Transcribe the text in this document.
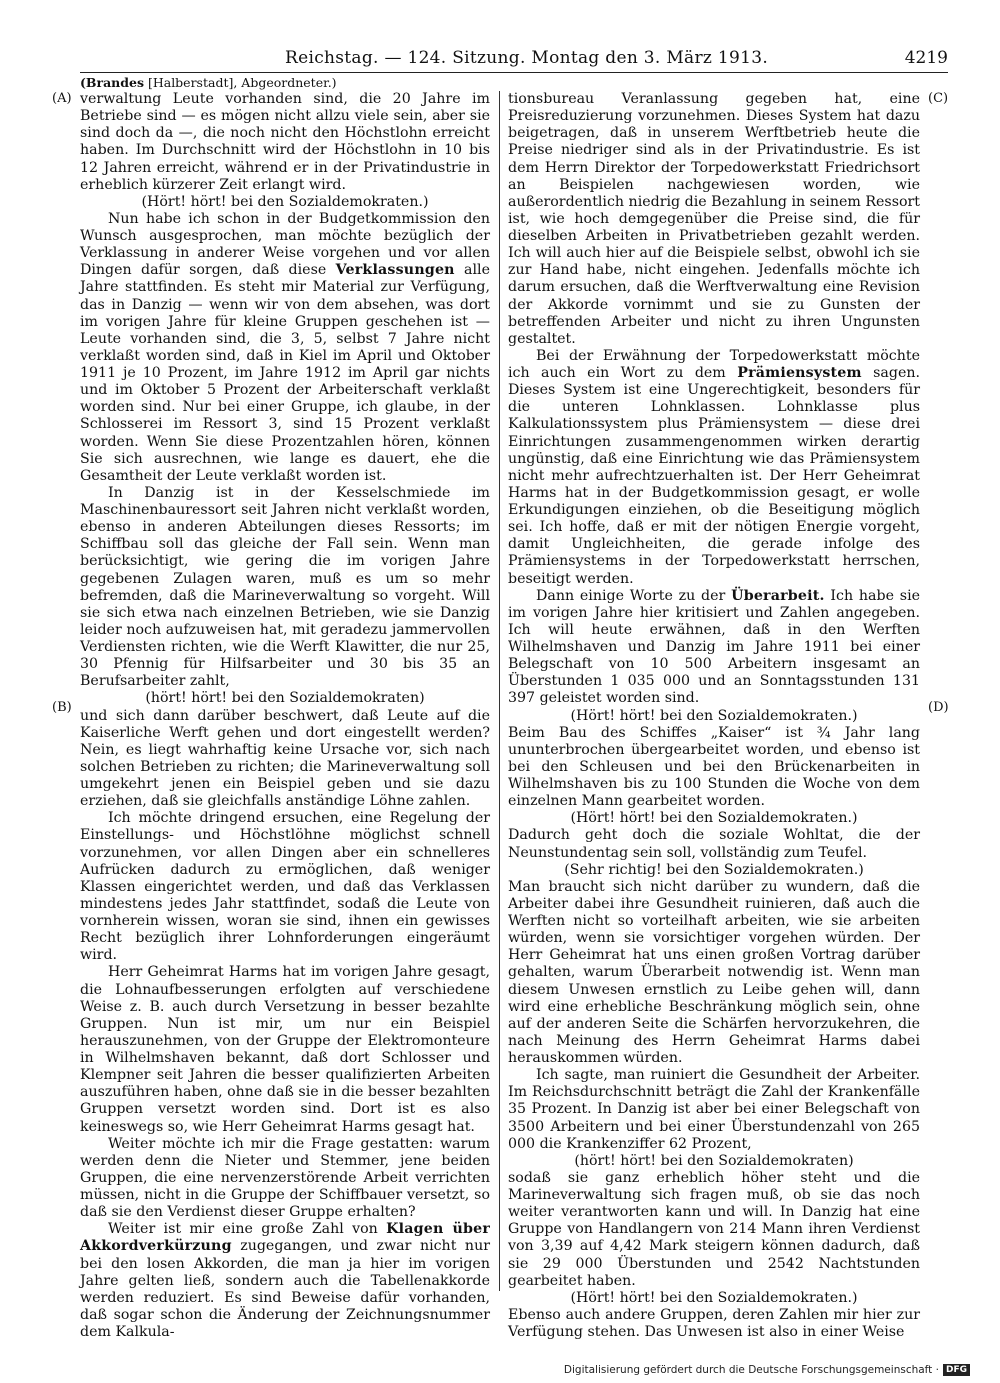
Reichstag. — 124. Sitzung. Montag den 3. März 1913.	4219
(Brandes [Halberstadt], Abgeordneter.)
(A)
(B)
(C)
(D)

verwaltung Leute vorhanden sind, die 20 Jahre im Betriebe sind — es mögen nicht allzu viele sein, aber sie sind doch da —, die noch nicht den Höchstlohn erreicht haben. Im Durchschnitt wird der Höchstlohn in 10 bis 12 Jahren erreicht, während er in der Privatindustrie in erheblich kürzerer Zeit erlangt wird.

(Hört! hört! bei den Sozialdemokraten.)

Nun habe ich schon in der Budgetkommission den Wunsch ausgesprochen, man möchte bezüglich der Verklassung in anderer Weise vorgehen und vor allen Dingen dafür sorgen, daß diese Verklassungen alle Jahre stattfinden. Es steht mir Material zur Verfügung, das in Danzig — wenn wir von dem absehen, was dort im vorigen Jahre für kleine Gruppen geschehen ist — Leute vorhanden sind, die 3, 5, selbst 7 Jahre nicht verklaßt worden sind, daß in Kiel im April und Oktober 1911 je 10 Prozent, im Jahre 1912 im April gar nichts und im Oktober 5 Prozent der Arbeiterschaft verklaßt worden sind. Nur bei einer Gruppe, ich glaube, in der Schlosserei im Ressort 3, sind 15 Prozent verklaßt worden. Wenn Sie diese Prozentzahlen hören, können Sie sich ausrechnen, wie lange es dauert, ehe die Gesamtheit der Leute verklaßt worden ist.

In Danzig ist in der Kesselschmiede im Maschinenbauressort seit Jahren nicht verklaßt worden, ebenso in anderen Abteilungen dieses Ressorts; im Schiffbau soll das gleiche der Fall sein. Wenn man berücksichtigt, wie gering die im vorigen Jahre gegebenen Zulagen waren, muß es um so mehr befremden, daß die Marineverwaltung so vorgeht. Will sie sich etwa nach einzelnen Betrieben, wie sie Danzig leider noch aufzuweisen hat, mit geradezu jammervollen Verdiensten richten, wie die Werft Klawitter, die nur 25, 30 Pfennig für Hilfsarbeiter und 30 bis 35 an Berufsarbeiter zahlt,

(hört! hört! bei den Sozialdemokraten)

und sich dann darüber beschwert, daß Leute auf die Kaiserliche Werft gehen und dort eingestellt werden? Nein, es liegt wahrhaftig keine Ursache vor, sich nach solchen Betrieben zu richten; die Marineverwaltung soll umgekehrt jenen ein Beispiel geben und sie dazu erziehen, daß sie gleichfalls anständige Löhne zahlen.

Ich möchte dringend ersuchen, eine Regelung der Einstellungs- und Höchstlöhne möglichst schnell vorzunehmen, vor allen Dingen aber ein schnelleres Aufrücken dadurch zu ermöglichen, daß weniger Klassen eingerichtet werden, und daß das Verklassen mindestens jedes Jahr stattfindet, sodaß die Leute von vornherein wissen, woran sie sind, ihnen ein gewisses Recht bezüglich ihrer Lohnforderungen eingeräumt wird.

Herr Geheimrat Harms hat im vorigen Jahre gesagt, die Lohnaufbesserungen erfolgten auf verschiedene Weise z. B. auch durch Versetzung in besser bezahlte Gruppen. Nun ist mir, um nur ein Beispiel herauszunehmen, von der Gruppe der Elektromonteure in Wilhelmshaven bekannt, daß dort Schlosser und Klempner seit Jahren die besser qualifizierten Arbeiten auszuführen haben, ohne daß sie in die besser bezahlten Gruppen versetzt worden sind. Dort ist es also keineswegs so, wie Herr Geheimrat Harms gesagt hat.

Weiter möchte ich mir die Frage gestatten: warum werden denn die Nieter und Stemmer, jene beiden Gruppen, die eine nervenzerstörende Arbeit verrichten müssen, nicht in die Gruppe der Schiffbauer versetzt, so daß sie den Verdienst dieser Gruppe erhalten?

Weiter ist mir eine große Zahl von Klagen über Akkordverkürzung zugegangen, und zwar nicht nur bei den losen Akkorden, die man ja hier im vorigen Jahre gelten ließ, sondern auch die Tabellenakkorde werden reduziert. Es sind Beweise dafür vorhanden, daß sogar schon die Änderung der Zeichnungsnummer dem Kalkula-

tionsbureau Veranlassung gegeben hat, eine Preisreduzierung vorzunehmen. Dieses System hat dazu beigetragen, daß in unserem Werftbetrieb heute die Preise niedriger sind als in der Privatindustrie. Es ist dem Herrn Direktor der Torpedowerkstatt Friedrichsort an Beispielen nachgewiesen worden, wie außerordentlich niedrig die Bezahlung in seinem Ressort ist, wie hoch demgegenüber die Preise sind, die für dieselben Arbeiten in Privatbetrieben gezahlt werden. Ich will auch hier auf die Beispiele selbst, obwohl ich sie zur Hand habe, nicht eingehen. Jedenfalls möchte ich darum ersuchen, daß die Werftverwaltung eine Revision der Akkorde vornimmt und sie zu Gunsten der betreffenden Arbeiter und nicht zu ihren Ungunsten gestaltet.

Bei der Erwähnung der Torpedowerkstatt möchte ich auch ein Wort zu dem Prämiensystem sagen. Dieses System ist eine Ungerechtigkeit, besonders für die unteren Lohnklassen. Lohnklasse plus Kalkulationssystem plus Prämiensystem — diese drei Einrichtungen zusammengenommen wirken derartig ungünstig, daß eine Einrichtung wie das Prämiensystem nicht mehr aufrechtzuerhalten ist. Der Herr Geheimrat Harms hat in der Budgetkommission gesagt, er wolle Erkundigungen einziehen, ob die Beseitigung möglich sei. Ich hoffe, daß er mit der nötigen Energie vorgeht, damit Ungleichheiten, die gerade infolge des Prämiensystems in der Torpedowerkstatt herrschen, beseitigt werden.

Dann einige Worte zu der Überarbeit. Ich habe sie im vorigen Jahre hier kritisiert und Zahlen angegeben. Ich will heute erwähnen, daß in den Werften Wilhelmshaven und Danzig im Jahre 1911 bei einer Belegschaft von 10 500 Arbeitern insgesamt an Überstunden 1 035 000 und an Sonntagsstunden 131 397 geleistet worden sind.

(Hört! hört! bei den Sozialdemokraten.)

Beim Bau des Schiffes „Kaiser“ ist ¾ Jahr lang ununterbrochen übergearbeitet worden, und ebenso ist bei den Schleusen und bei den Brückenarbeiten in Wilhelmshaven bis zu 100 Stunden die Woche von dem einzelnen Mann gearbeitet worden.

(Hört! hört! bei den Sozialdemokraten.)

Dadurch geht doch die soziale Wohltat, die der Neunstundentag sein soll, vollständig zum Teufel.

(Sehr richtig! bei den Sozialdemokraten.)

Man braucht sich nicht darüber zu wundern, daß die Arbeiter dabei ihre Gesundheit ruinieren, daß auch die Werften nicht so vorteilhaft arbeiten, wie sie arbeiten würden, wenn sie vorsichtiger vorgehen würden. Der Herr Geheimrat hat uns einen großen Vortrag darüber gehalten, warum Überarbeit notwendig ist. Wenn man diesem Unwesen ernstlich zu Leibe gehen will, dann wird eine erhebliche Beschränkung möglich sein, ohne auf der anderen Seite die Schärfen hervorzukehren, die nach Meinung des Herrn Geheimrat Harms dabei herauskommen würden.

Ich sagte, man ruiniert die Gesundheit der Arbeiter. Im Reichsdurchschnitt beträgt die Zahl der Krankenfälle 35 Prozent. In Danzig ist aber bei einer Belegschaft von 3500 Arbeitern und bei einer Überstundenzahl von 265 000 die Krankenziffer 62 Prozent,

(hört! hört! bei den Sozialdemokraten)

sodaß sie ganz erheblich höher steht und die Marineverwaltung sich fragen muß, ob sie das noch weiter verantworten kann und will. In Danzig hat eine Gruppe von Handlangern von 214 Mann ihren Verdienst von 3,39 auf 4,42 Mark steigern können dadurch, daß sie 29 000 Überstunden und 2542 Nachtstunden gearbeitet haben.

(Hört! hört! bei den Sozialdemokraten.)

Ebenso auch andere Gruppen, deren Zahlen mir hier zur Verfügung stehen. Das Unwesen ist also in einer Weise

Digitalisierung gefördert durch die Deutsche Forschungsgemeinschaft · DFG
